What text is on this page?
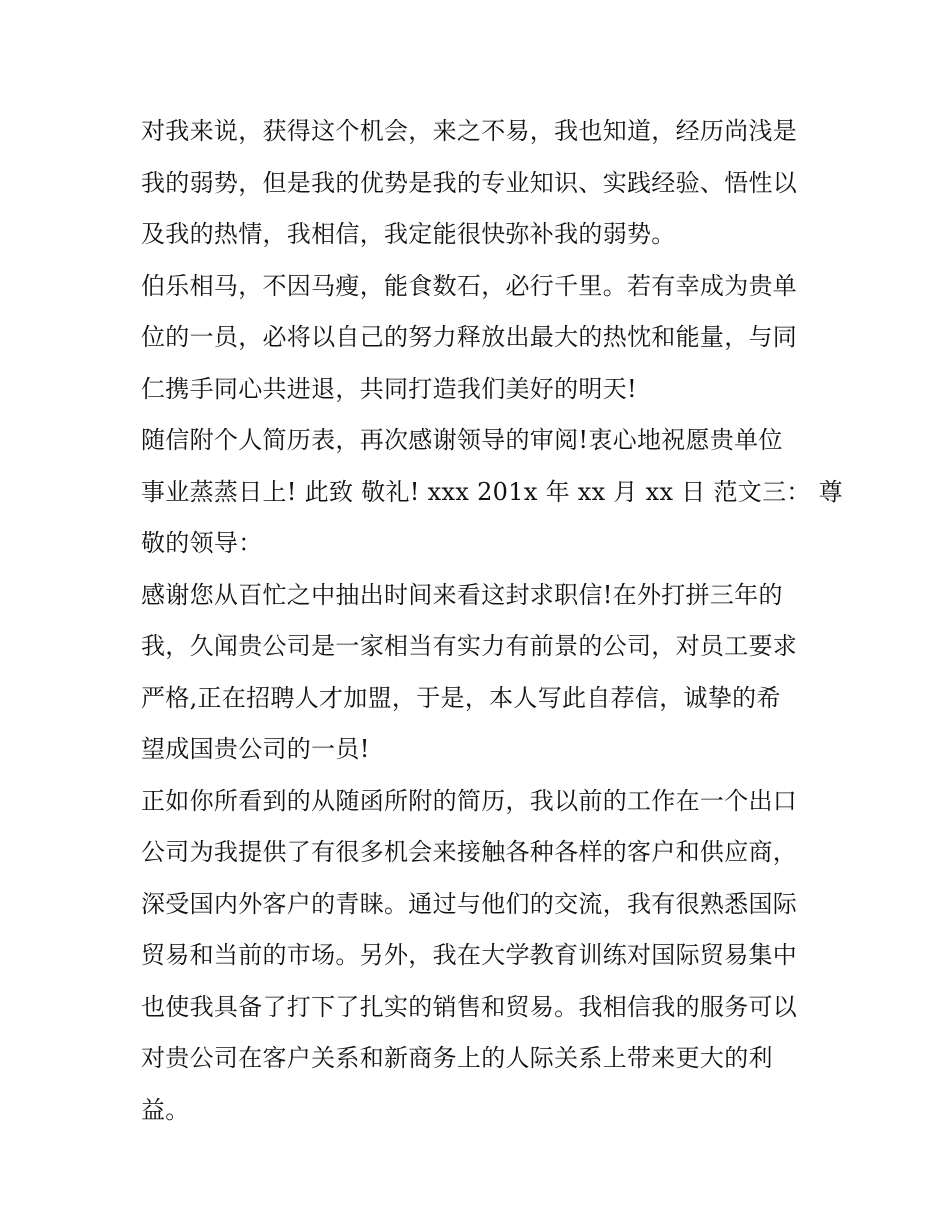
对我来说，获得这个机会，来之不易，我也知道，经历尚浅是
我的弱势，但是我的优势是我的专业知识、实践经验、悟性以
及我的热情，我相信，我定能很快弥补我的弱势。

伯乐相马，不因马瘦，能食数石，必行千里。若有幸成为贵单
位的一员，必将以自己的努力释放出最大的热忱和能量，与同
仁携手同心共进退，共同打造我们美好的明天!

随信附个人简历表，再次感谢领导的审阅!衷心地祝愿贵单位
事业蒸蒸日上! 此致 敬礼! xxx 201x 年 xx 月 xx 日 范文三： 尊
敬的领导：

感谢您从百忙之中抽出时间来看这封求职信!在外打拼三年的
我，久闻贵公司是一家相当有实力有前景的公司，对员工要求
严格,正在招聘人才加盟，于是，本人写此自荐信，诚挚的希
望成国贵公司的一员!

正如你所看到的从随函所附的简历，我以前的工作在一个出口
公司为我提供了有很多机会来接触各种各样的客户和供应商，
深受国内外客户的青睐。通过与他们的交流，我有很熟悉国际
贸易和当前的市场。另外，我在大学教育训练对国际贸易集中
也使我具备了打下了扎实的销售和贸易。我相信我的服务可以
对贵公司在客户关系和新商务上的人际关系上带来更大的利
益。
